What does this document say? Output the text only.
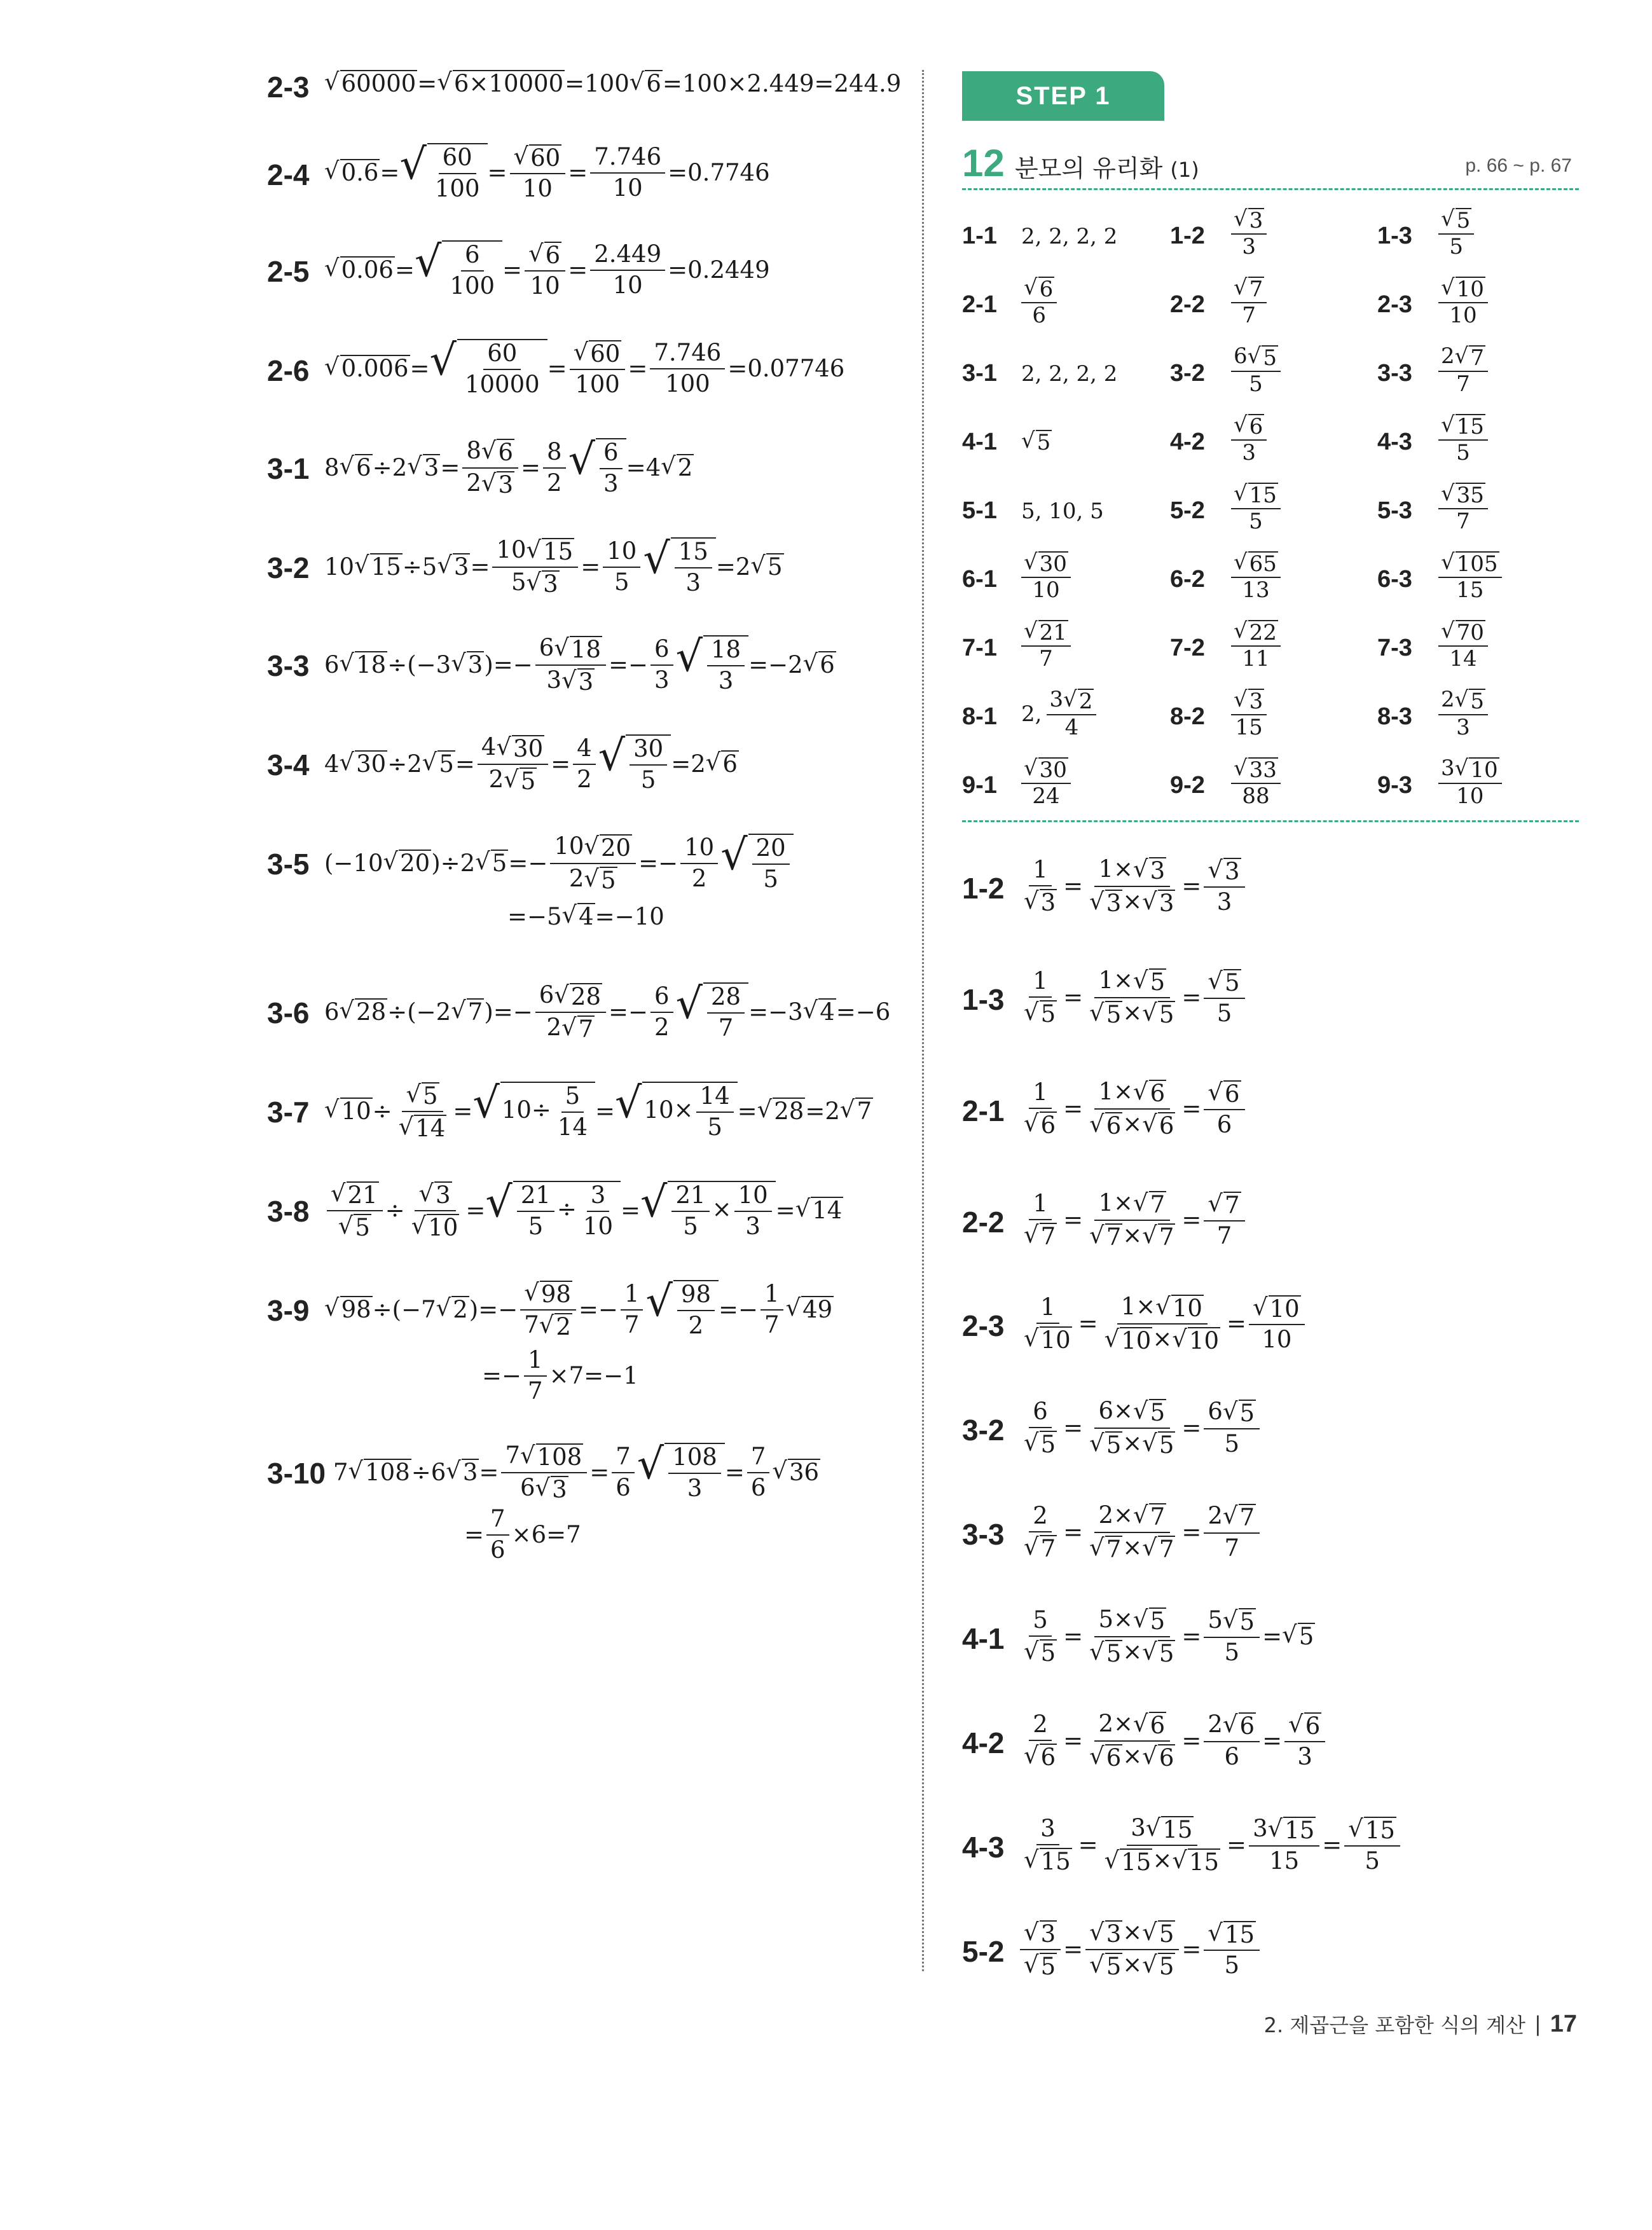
2-3 √ 60000 = √ 6×10000 =100 √ 6 =100×2.449=244.9
2-4 √ 0.6 = √ $\frac{60}{100} = \frac{√ 60}{10} = \frac{7.746}{10} =0.7746$
2-5 √ 0.06 = √ $\frac{6}{100} = \frac{√ 6}{10} = \frac{2.449}{10} =0.2449$
2-6 √ 0.006 = √ $\frac{60}{10000} = \frac{√ 60}{100} = \frac{7.746}{100} =0.07746$
3-1 8 √ 6 ÷2 √ $3 = \frac{8 √ 6}{2 √ 3} = \frac{8}{2}$ √ $\frac{6}{3} =4$ √ 2
3-2 10 √ 15 ÷5 √ $3 = \frac{10 √ 15}{5 √ 3} = \frac{10}{5}$ √ $\frac{15}{3} =2$ √ 5
3-3 6 √ 18 ÷(−3 √ 3 )=− $\frac{6 √ 18}{3 √ 3} =- \frac{6}{3}$ √ $\frac{18}{3} =-2$ √ 6
3-4 4 √ 30 ÷2 √ $5 = \frac{4 √ 30}{2 √ 5} = \frac{4}{2}$ √ $\frac{30}{5} =2$ √ 6
3-5 (−10 √ 20 )÷2 √ $5 =- \frac{10 √ 20}{2 √ 5} =- \frac{10}{2}$ √ $\frac{20}{5}$
=−5 √ 4 =−10
3-6 6 √ 28 ÷(−2 √ 7 )=− $\frac{6 √ 28}{2 √ 7} =- \frac{6}{2}$ √ $\frac{28}{7} =-3$ √ 4 =−6
3-7 √ $10 \div \frac{√ 5}{√ 14}$ = √ $10\div \frac{5}{14}$ = √ $10\times \frac{14}{5}$ = √ 28 =2 √ 7
$3-8 \frac{√ 21}{√ 5} \div \frac{√ 3}{√ 10}$ = √ $\frac{21}{5} \div \frac{3}{10}$ = √ $\frac{21}{5} \times \frac{10}{3}$ = √ 14
3-9 √ 98 ÷(−7 √ 2 )=− $\frac{√ 98}{7 √ 2} =- \frac{1}{7}$ √ $\frac{98}{2} =- \frac{1}{7}$ √ 49
=− $\frac{1}{7} \times 7=-1$
3-10 7 √ 108 ÷6 √ $3 = \frac{7 √ 108}{6 √ 3} = \frac{7}{6}$ √ $\frac{108}{3} = \frac{7}{6}$ √ 36
= $\frac{7}{6} \times 6=7$
STEP 1
12 분모의 유리화 (1)	p. 66 ~ p. 67
1-1 2, 2, 2, 2 $1-2 \frac{√ 3}{3}$	$1-3 \frac{√ 5}{5}$
$2-1 \frac{√ 6}{6}$	$2-2 \frac{√ 7}{7}$	$2-3 \frac{√ 10}{10}$
3-1 2, 2, 2, 2 $3-2 \frac{6 √ 5}{5}$	$3-3 \frac{2 √ 7}{7}$
4-1 √ 5	$4-2 \frac{√ 6}{3}$	$4-3 \frac{√ 15}{5}$
5-1 5, 10, 5	$5-2 \frac{√ 15}{5}$	$5-3 \frac{√ 35}{7}$
$6-1 \frac{√ 30}{10}$	$6-2 \frac{√ 65}{13}$	$6-3 \frac{√ 105}{15}$
$7-1 \frac{√ 21}{7}$	$7-2 \frac{√ 22}{11}$	$7-3 \frac{√ 70}{14}$
8-1 2, $\frac{3 √ 2}{4}$	$8-2 \frac{√ 3}{15}$	$8-3 \frac{2 √ 5}{3}$
$9-1 \frac{√ 30}{24}$	$9-2 \frac{√ 33}{88}$	$9-3 \frac{3 √ 10}{10}$
$1-2 \frac{1}{√ 3} = \frac{1\times √ 3}{√ 3 \times √ 3} = \frac{√ 3}{3}$
$1-3 \frac{1}{√ 5} = \frac{1\times √ 5}{√ 5 \times √ 5} = \frac{√ 5}{5}$
$2-1 \frac{1}{√ 6} = \frac{1\times √ 6}{√ 6 \times √ 6} = \frac{√ 6}{6}$
$2-2 \frac{1}{√ 7} = \frac{1\times √ 7}{√ 7 \times √ 7} = \frac{√ 7}{7}$
$2-3 \frac{1}{√ 10} = \frac{1\times √ 10}{√ 10 \times √ 10} = \frac{√ 10}{10}$
$3-2 \frac{6}{√ 5} = \frac{6\times √ 5}{√ 5 \times √ 5} = \frac{6 √ 5}{5}$
$3-3 \frac{2}{√ 7} = \frac{2\times √ 7}{√ 7 \times √ 7} = \frac{2 √ 7}{7}$
$4-1 \frac{5}{√ 5} = \frac{5\times √ 5}{√ 5 \times √ 5} = \frac{5 √ 5}{5}$ = √ 5
$4-2 \frac{2}{√ 6} = \frac{2\times √ 6}{√ 6 \times √ 6} = \frac{2 √ 6}{6} = \frac{√ 6}{3}$
$4-3 \frac{3}{√ 15} = \frac{3 √ 15}{√ 15 \times √ 15} = \frac{3 √ 15}{15} = \frac{√ 15}{5}$
$5-2 \frac{√ 3}{√ 5} = \frac{√ 3 \times √ 5}{√ 5 \times √ 5} = \frac{√ 15}{5}$
2. 제곱근을 포함한 식의 계산 | 17
